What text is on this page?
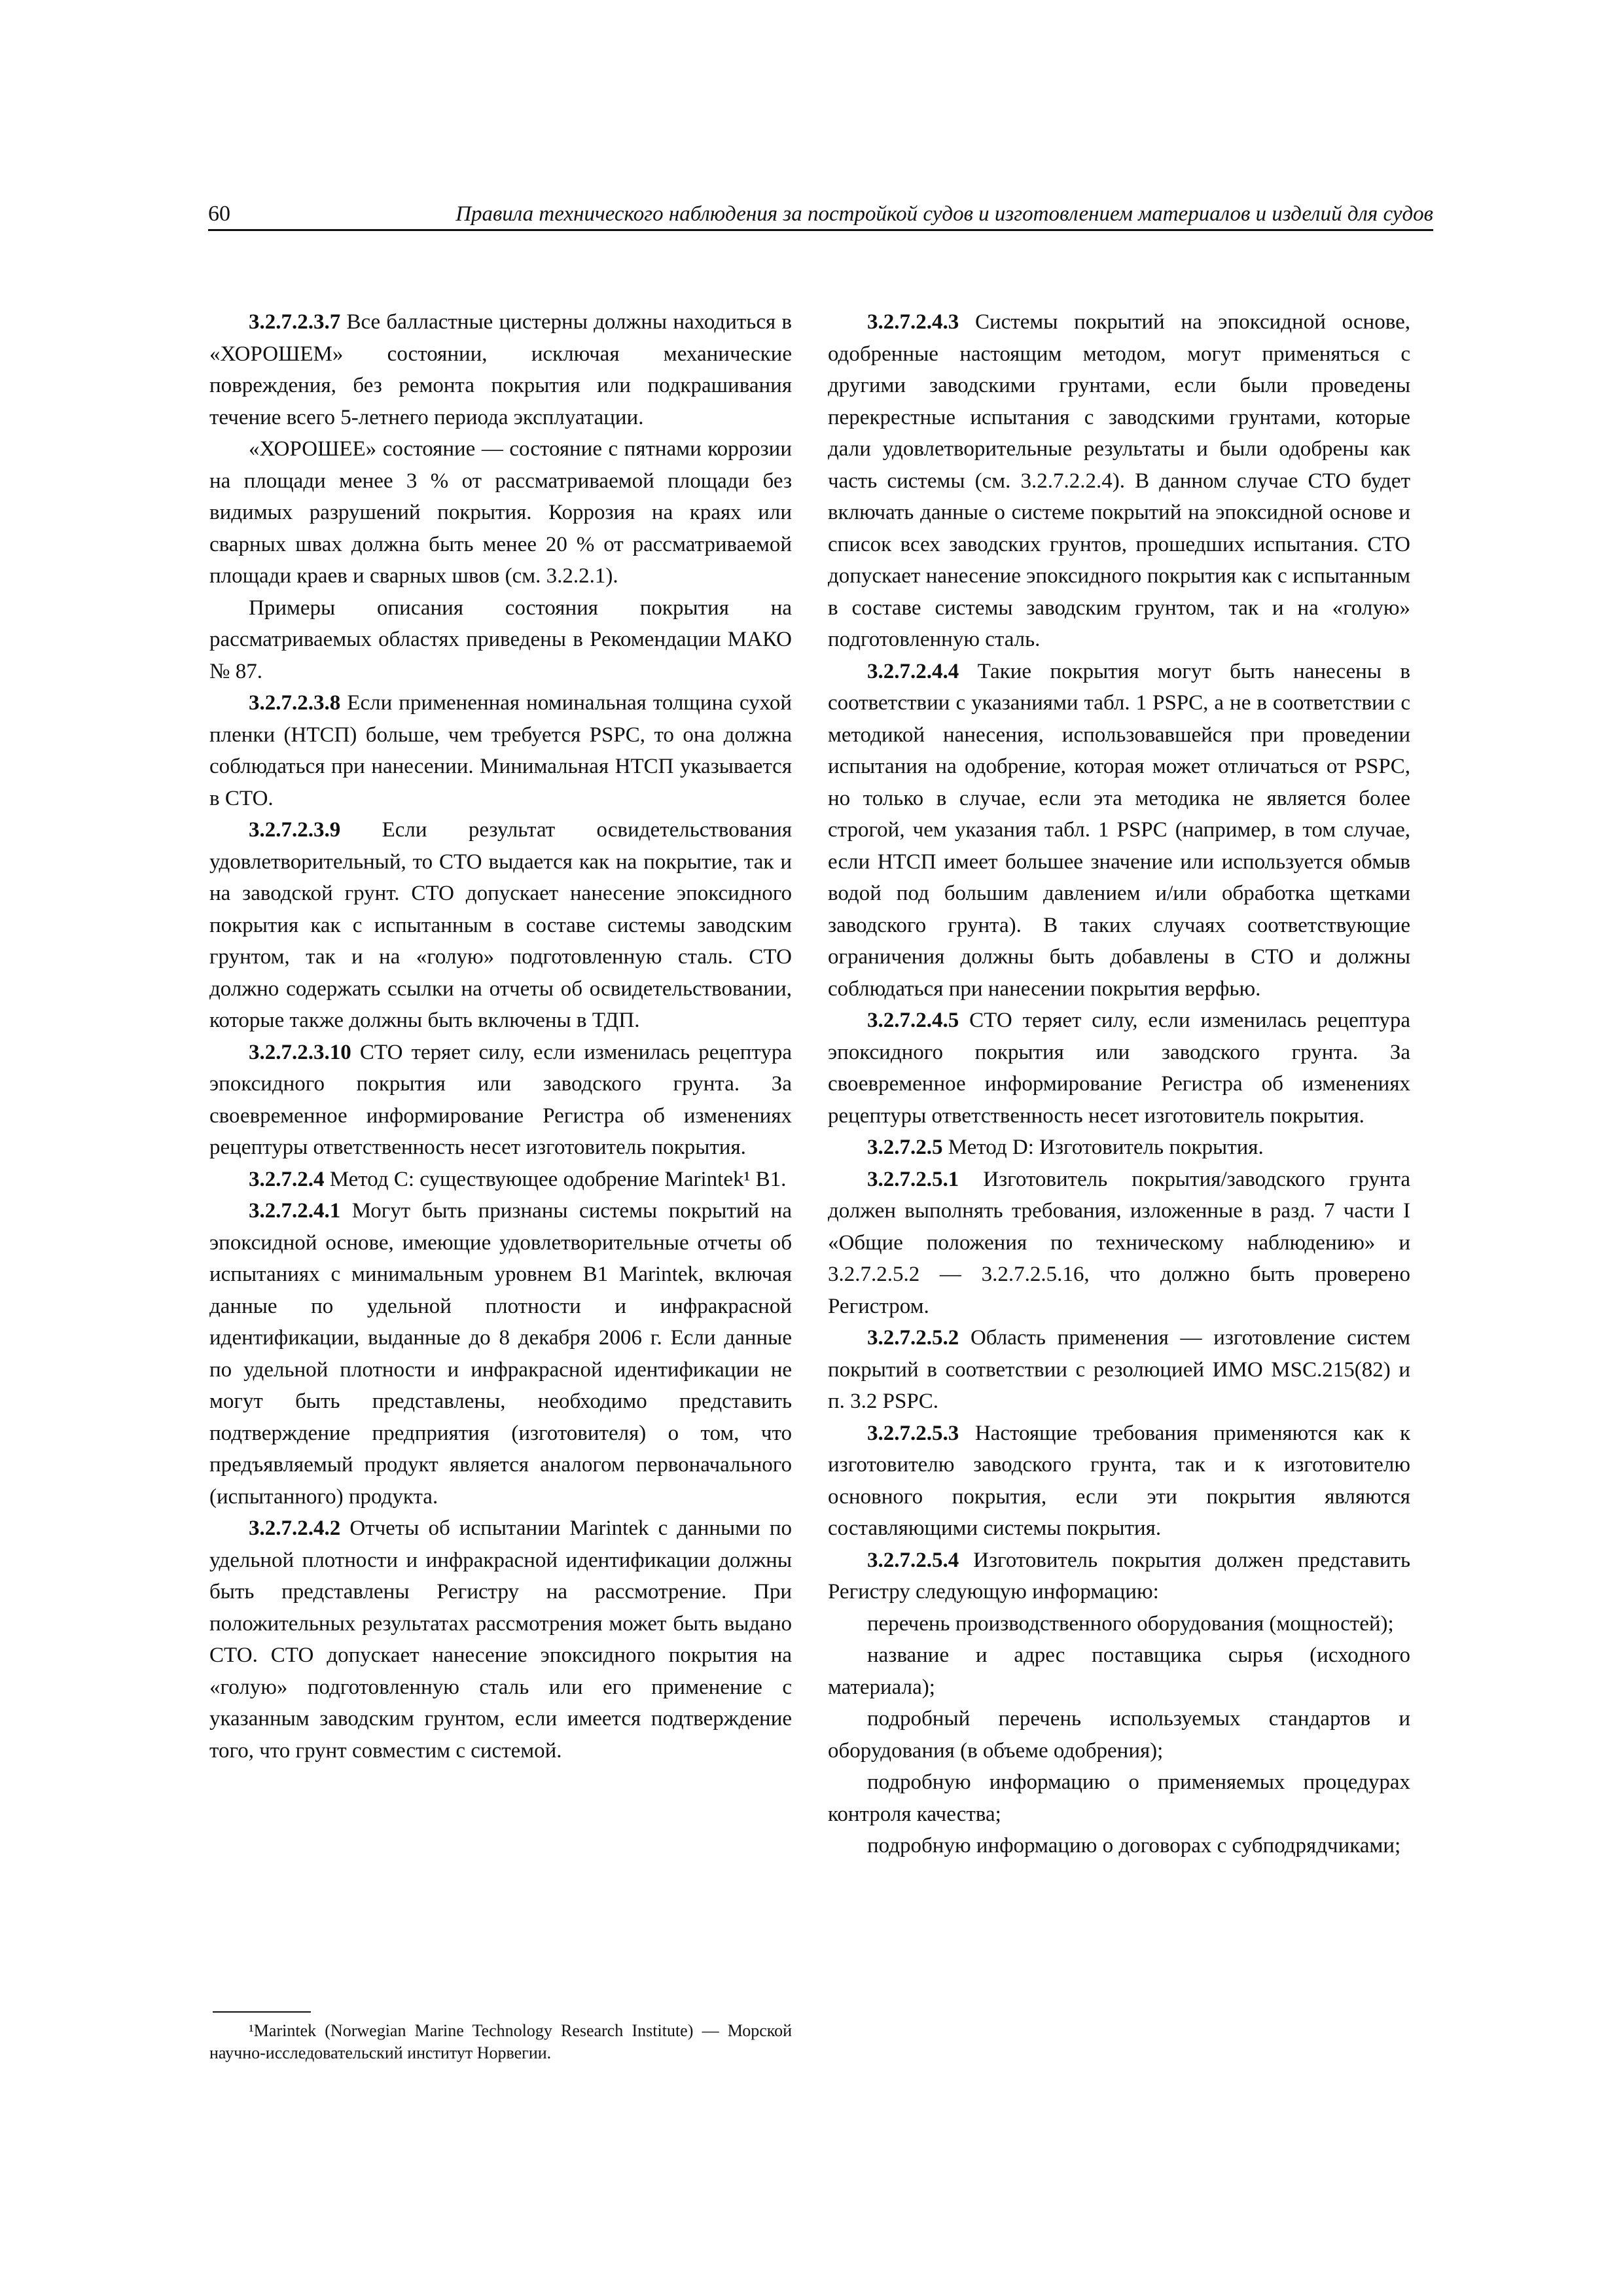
60	Правила технического наблюдения за постройкой судов и изготовлением материалов и изделий для судов

3.2.7.2.3.7 Все балластные цистерны должны находиться в «ХОРОШЕМ» состоянии, исключая механические повреждения, без ремонта покрытия или подкрашивания течение всего 5-летнего периода эксплуатации.

«ХОРОШЕЕ» состояние — состояние с пятнами коррозии на площади менее 3 % от рассматриваемой площади без видимых разрушений покрытия. Коррозия на краях или сварных швах должна быть менее 20 % от рассматриваемой площади краев и сварных швов (см. 3.2.2.1).

Примеры описания состояния покрытия на рассматриваемых областях приведены в Рекомендации МАКО № 87.

3.2.7.2.3.8 Если примененная номинальная толщина сухой пленки (НТСП) больше, чем требуется PSPC, то она должна соблюдаться при нанесении. Минимальная НТСП указывается в СТО.

3.2.7.2.3.9 Если результат освидетельствования удовлетворительный, то СТО выдается как на покрытие, так и на заводской грунт. СТО допускает нанесение эпоксидного покрытия как с испытанным в составе системы заводским грунтом, так и на «голую» подготовленную сталь. СТО должно содержать ссылки на отчеты об освидетельствовании, которые также должны быть включены в ТДП.

3.2.7.2.3.10 СТО теряет силу, если изменилась рецептура эпоксидного покрытия или заводского грунта. За своевременное информирование Регистра об изменениях рецептуры ответственность несет изготовитель покрытия.

3.2.7.2.4 Метод С: существующее одобрение Marintek¹ B1.

3.2.7.2.4.1 Могут быть признаны системы покрытий на эпоксидной основе, имеющие удовлетворительные отчеты об испытаниях с минимальным уровнем B1 Marintek, включая данные по удельной плотности и инфракрасной идентификации, выданные до 8 декабря 2006 г. Если данные по удельной плотности и инфракрасной идентификации не могут быть представлены, необходимо представить подтверждение предприятия (изготовителя) о том, что предъявляемый продукт является аналогом первоначального (испытанного) продукта.

3.2.7.2.4.2 Отчеты об испытании Marintek с данными по удельной плотности и инфракрасной идентификации должны быть представлены Регистру на рассмотрение. При положительных результатах рассмотрения может быть выдано СТО. СТО допускает нанесение эпоксидного покрытия на «голую» подготовленную сталь или его применение с указанным заводским грунтом, если имеется подтверждение того, что грунт совместим с системой.

¹Marintek (Norwegian Marine Technology Research Institute) — Морской научно-исследовательский институт Норвегии.

3.2.7.2.4.3 Системы покрытий на эпоксидной основе, одобренные настоящим методом, могут применяться с другими заводскими грунтами, если были проведены перекрестные испытания с заводскими грунтами, которые дали удовлетворительные результаты и были одобрены как часть системы (см. 3.2.7.2.2.4). В данном случае СТО будет включать данные о системе покрытий на эпоксидной основе и список всех заводских грунтов, прошедших испытания. СТО допускает нанесение эпоксидного покрытия как с испытанным в составе системы заводским грунтом, так и на «голую» подготовленную сталь.

3.2.7.2.4.4 Такие покрытия могут быть нанесены в соответствии с указаниями табл. 1 PSPC, а не в соответствии с методикой нанесения, использовавшейся при проведении испытания на одобрение, которая может отличаться от PSPC, но только в случае, если эта методика не является более строгой, чем указания табл. 1 PSPC (например, в том случае, если НТСП имеет большее значение или используется обмыв водой под большим давлением и/или обработка щетками заводского грунта). В таких случаях соответствующие ограничения должны быть добавлены в СТО и должны соблюдаться при нанесении покрытия верфью.

3.2.7.2.4.5 СТО теряет силу, если изменилась рецептура эпоксидного покрытия или заводского грунта. За своевременное информирование Регистра об изменениях рецептуры ответственность несет изготовитель покрытия.

3.2.7.2.5 Метод D: Изготовитель покрытия.

3.2.7.2.5.1 Изготовитель покрытия/заводского грунта должен выполнять требования, изложенные в разд. 7 части I «Общие положения по техническому наблюдению» и 3.2.7.2.5.2 — 3.2.7.2.5.16, что должно быть проверено Регистром.

3.2.7.2.5.2 Область применения — изготовление систем покрытий в соответствии с резолюцией ИМО MSC.215(82) и п. 3.2 PSPC.

3.2.7.2.5.3 Настоящие требования применяются как к изготовителю заводского грунта, так и к изготовителю основного покрытия, если эти покрытия являются составляющими системы покрытия.

3.2.7.2.5.4 Изготовитель покрытия должен представить Регистру следующую информацию:

перечень производственного оборудования (мощностей);

название и адрес поставщика сырья (исходного материала);

подробный перечень используемых стандартов и оборудования (в объеме одобрения);

подробную информацию о применяемых процедурах контроля качества;

подробную информацию о договорах с субподрядчиками;
